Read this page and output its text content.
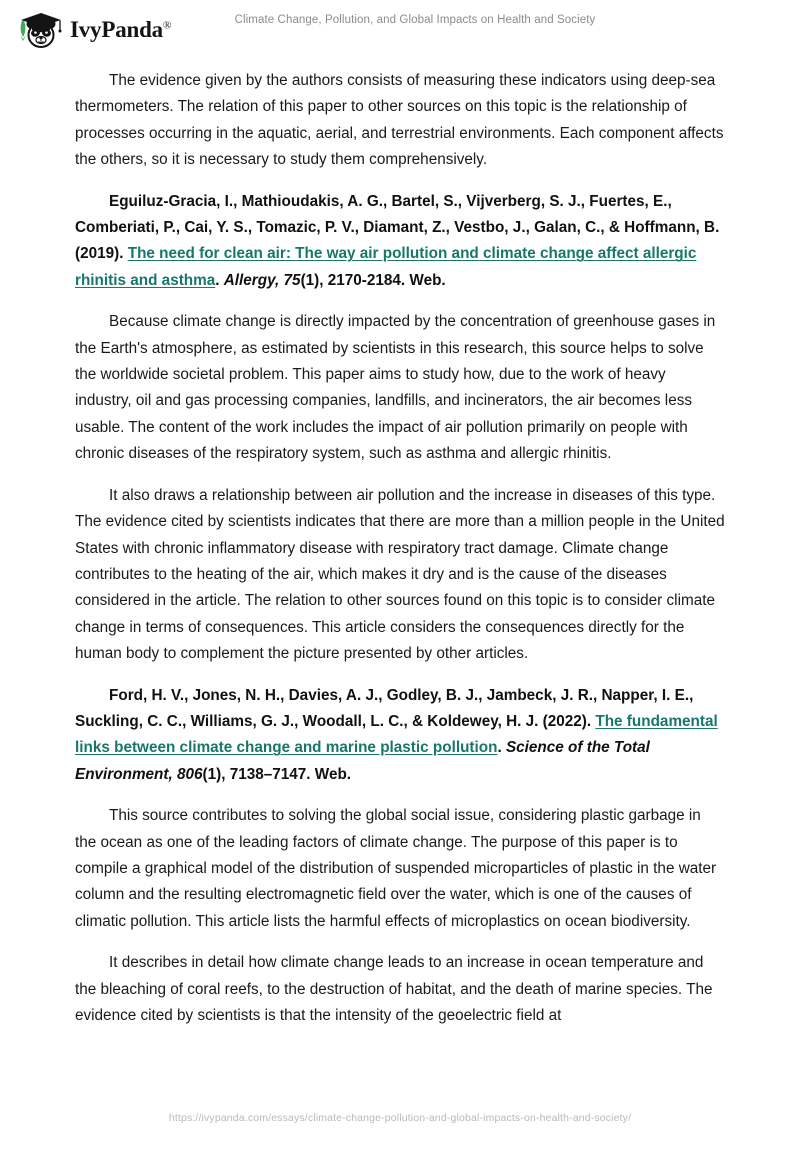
IvyPanda®	Climate Change, Pollution, and Global Impacts on Health and Society

The evidence given by the authors consists of measuring these indicators using deep-sea thermometers. The relation of this paper to other sources on this topic is the relationship of processes occurring in the aquatic, aerial, and terrestrial environments. Each component affects the others, so it is necessary to study them comprehensively.

Eguiluz-Gracia, I., Mathioudakis, A. G., Bartel, S., Vijverberg, S. J., Fuertes, E., Comberiati, P., Cai, Y. S., Tomazic, P. V., Diamant, Z., Vestbo, J., Galan, C., & Hoffmann, B. (2019). The need for clean air: The way air pollution and climate change affect allergic rhinitis and asthma. Allergy, 75(1), 2170-2184. Web.

Because climate change is directly impacted by the concentration of greenhouse gases in the Earth's atmosphere, as estimated by scientists in this research, this source helps to solve the worldwide societal problem. This paper aims to study how, due to the work of heavy industry, oil and gas processing companies, landfills, and incinerators, the air becomes less usable. The content of the work includes the impact of air pollution primarily on people with chronic diseases of the respiratory system, such as asthma and allergic rhinitis.

It also draws a relationship between air pollution and the increase in diseases of this type. The evidence cited by scientists indicates that there are more than a million people in the United States with chronic inflammatory disease with respiratory tract damage. Climate change contributes to the heating of the air, which makes it dry and is the cause of the diseases considered in the article. The relation to other sources found on this topic is to consider climate change in terms of consequences. This article considers the consequences directly for the human body to complement the picture presented by other articles.

Ford, H. V., Jones, N. H., Davies, A. J., Godley, B. J., Jambeck, J. R., Napper, I. E., Suckling, C. C., Williams, G. J., Woodall, L. C., & Koldewey, H. J. (2022). The fundamental links between climate change and marine plastic pollution. Science of the Total Environment, 806(1), 7138–7147. Web.

This source contributes to solving the global social issue, considering plastic garbage in the ocean as one of the leading factors of climate change. The purpose of this paper is to compile a graphical model of the distribution of suspended microparticles of plastic in the water column and the resulting electromagnetic field over the water, which is one of the causes of climatic pollution. This article lists the harmful effects of microplastics on ocean biodiversity.

It describes in detail how climate change leads to an increase in ocean temperature and the bleaching of coral reefs, to the destruction of habitat, and the death of marine species. The evidence cited by scientists is that the intensity of the geoelectric field at

https://ivypanda.com/essays/climate-change-pollution-and-global-impacts-on-health-and-society/
